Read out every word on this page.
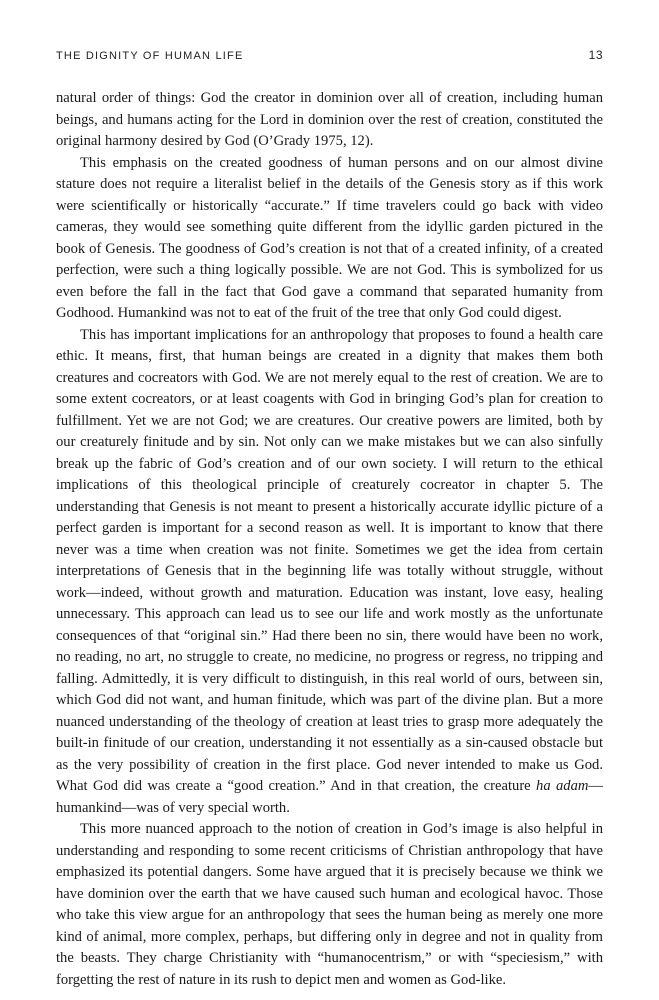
THE DIGNITY OF HUMAN LIFE	13

natural order of things: God the creator in dominion over all of creation, including human beings, and humans acting for the Lord in dominion over the rest of creation, constituted the original harmony desired by God (O’Grady 1975, 12).

This emphasis on the created goodness of human persons and on our almost divine stature does not require a literalist belief in the details of the Genesis story as if this work were scientifically or historically “accurate.” If time travelers could go back with video cameras, they would see something quite different from the idyllic garden pictured in the book of Genesis. The goodness of God’s creation is not that of a created infinity, of a created perfection, were such a thing logically possible. We are not God. This is symbolized for us even before the fall in the fact that God gave a command that separated humanity from Godhood. Humankind was not to eat of the fruit of the tree that only God could digest.

This has important implications for an anthropology that proposes to found a health care ethic. It means, first, that human beings are created in a dignity that makes them both creatures and cocreators with God. We are not merely equal to the rest of creation. We are to some extent cocreators, or at least coagents with God in bringing God’s plan for creation to fulfillment. Yet we are not God; we are creatures. Our creative powers are limited, both by our creaturely finitude and by sin. Not only can we make mistakes but we can also sinfully break up the fabric of God’s creation and of our own society. I will return to the ethical implications of this theological principle of creaturely cocreator in chapter 5. The understanding that Genesis is not meant to present a historically accurate idyllic picture of a perfect garden is important for a second reason as well. It is important to know that there never was a time when creation was not finite. Sometimes we get the idea from certain interpretations of Genesis that in the beginning life was totally without struggle, without work—indeed, without growth and maturation. Education was instant, love easy, healing unnecessary. This approach can lead us to see our life and work mostly as the unfortunate consequences of that “original sin.” Had there been no sin, there would have been no work, no reading, no art, no struggle to create, no medicine, no progress or regress, no tripping and falling. Admittedly, it is very difficult to distinguish, in this real world of ours, between sin, which God did not want, and human finitude, which was part of the divine plan. But a more nuanced understanding of the theology of creation at least tries to grasp more adequately the built-in finitude of our creation, understanding it not essentially as a sin-caused obstacle but as the very possibility of creation in the first place. God never intended to make us God. What God did was create a “good creation.” And in that creation, the creature ha adam—humankind—was of very special worth.

This more nuanced approach to the notion of creation in God’s image is also helpful in understanding and responding to some recent criticisms of Christian anthropology that have emphasized its potential dangers. Some have argued that it is precisely because we think we have dominion over the earth that we have caused such human and ecological havoc. Those who take this view argue for an anthropology that sees the human being as merely one more kind of animal, more complex, perhaps, but differing only in degree and not in quality from the beasts. They charge Christianity with “humanocentrism,” or with “speciesism,” with forgetting the rest of nature in its rush to depict men and women as God-like.
